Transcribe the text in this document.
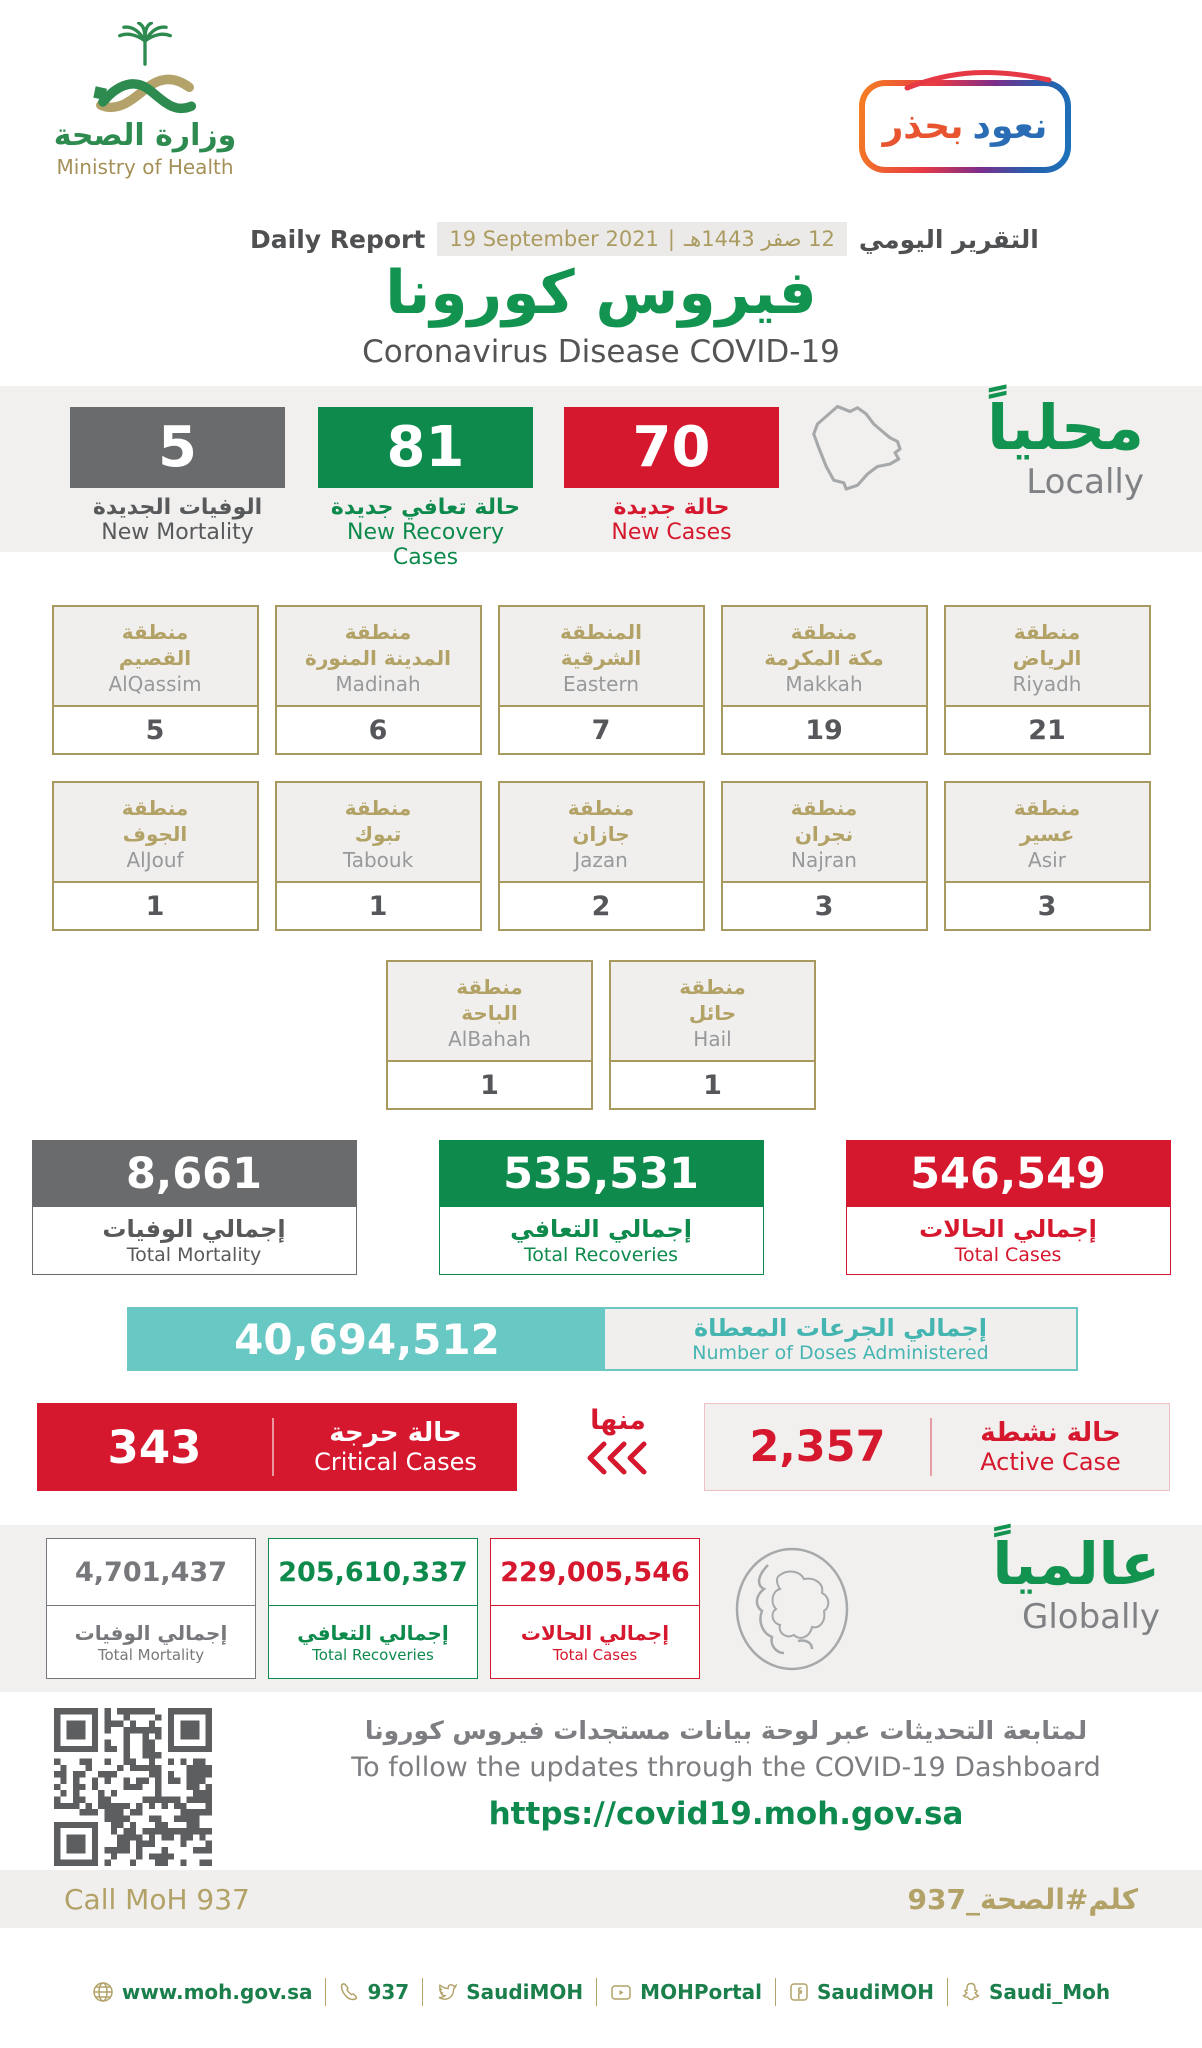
وزارة الصحة
Ministry of Health
نعود
بحذر
Daily Report 19 September 2021 | 12 صفر 1443هـ التقرير اليومي
فيروس كورونا
Coronavirus Disease COVID-19
5
الوفيات الجديدة
New Mortality
81
حالة تعافي جديدة
New Recovery Cases
70
حالة جديدة
New Cases
محلياً
Locally
منطقة
القصيم
AlQassim
5
منطقة
المدينة المنورة
Madinah
6
المنطقة
الشرقية
Eastern
7
منطقة
مكة المكرمة
Makkah
19
منطقة
الرياض
Riyadh
21
منطقة
الجوف
AlJouf
1
منطقة
تبوك
Tabouk
1
منطقة
جازان
Jazan
2
منطقة
نجران
Najran
3
منطقة
عسير
Asir
3
منطقة
الباحة
AlBahah
1
منطقة
حائل
Hail
1
8,661
إجمالي الوفيات
Total Mortality
535,531
إجمالي التعافي
Total Recoveries
546,549
إجمالي الحالات
Total Cases
40,694,512	إجمالي الجرعات المعطاة
Number of Doses Administered
343	حالة حرجة
Critical Cases
منها
2,357	حالة نشطة
Active Case
4,701,437
إجمالي الوفيات
Total Mortality
205,610,337
إجمالي التعافي
Total Recoveries
229,005,546
إجمالي الحالات
Total Cases
عالمياً
Globally
لمتابعة التحديثات عبر لوحة بيانات مستجدات فيروس كورونا
To follow the updates through the COVID-19 Dashboard
https://covid19.moh.gov.sa
Call MoH 937	كلم#الصحة_937
www.moh.gov.sa	937	SaudiMOH	MOHPortal	SaudiMOH	Saudi_Moh
